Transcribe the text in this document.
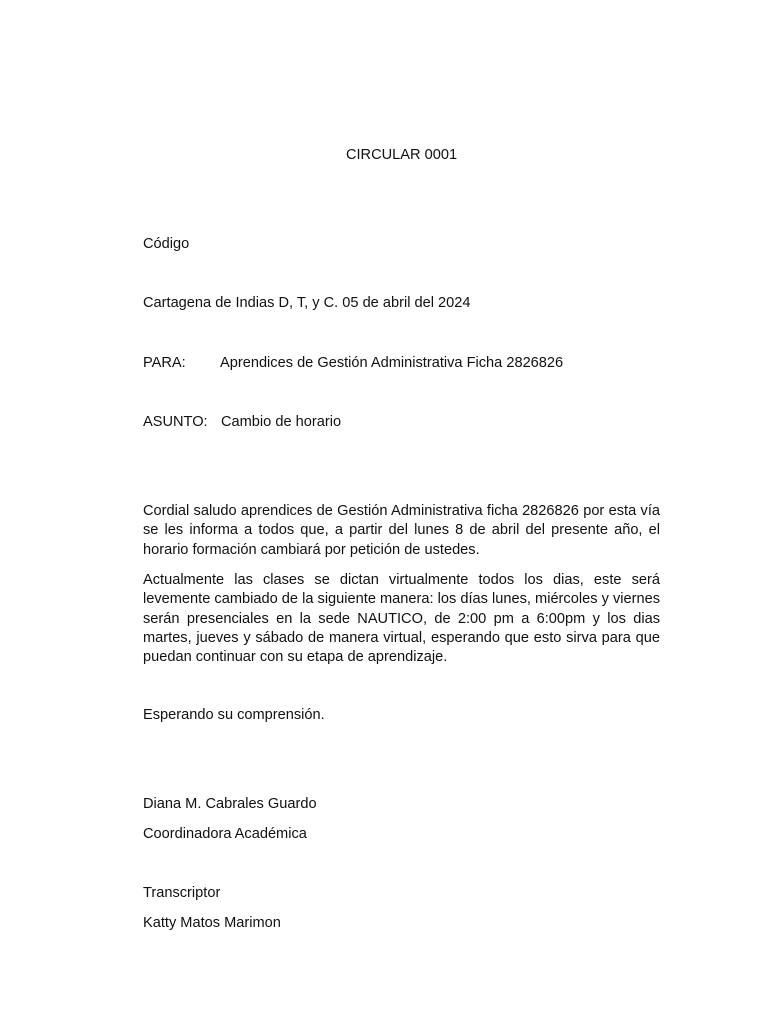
CIRCULAR 0001
Código
Cartagena de Indias D, T, y C. 05 de abril del 2024
PARA: Aprendices de Gestión Administrativa Ficha 2826826
ASUNTO: Cambio de horario

Cordial saludo aprendices de Gestión Administrativa ficha 2826826 por esta vía se les informa a todos que, a partir del lunes 8 de abril del presente año, el horario formación cambiará por petición de ustedes.

Actualmente las clases se dictan virtualmente todos los dias, este será levemente cambiado de la siguiente manera: los días lunes, miércoles y viernes serán presenciales en la sede NAUTICO, de 2:00 pm a 6:00pm y los dias martes, jueves y sábado de manera virtual, esperando que esto sirva para que puedan continuar con su etapa de aprendizaje.

Esperando su comprensión.
Diana M. Cabrales Guardo
Coordinadora Académica
Transcriptor
Katty Matos Marimon
